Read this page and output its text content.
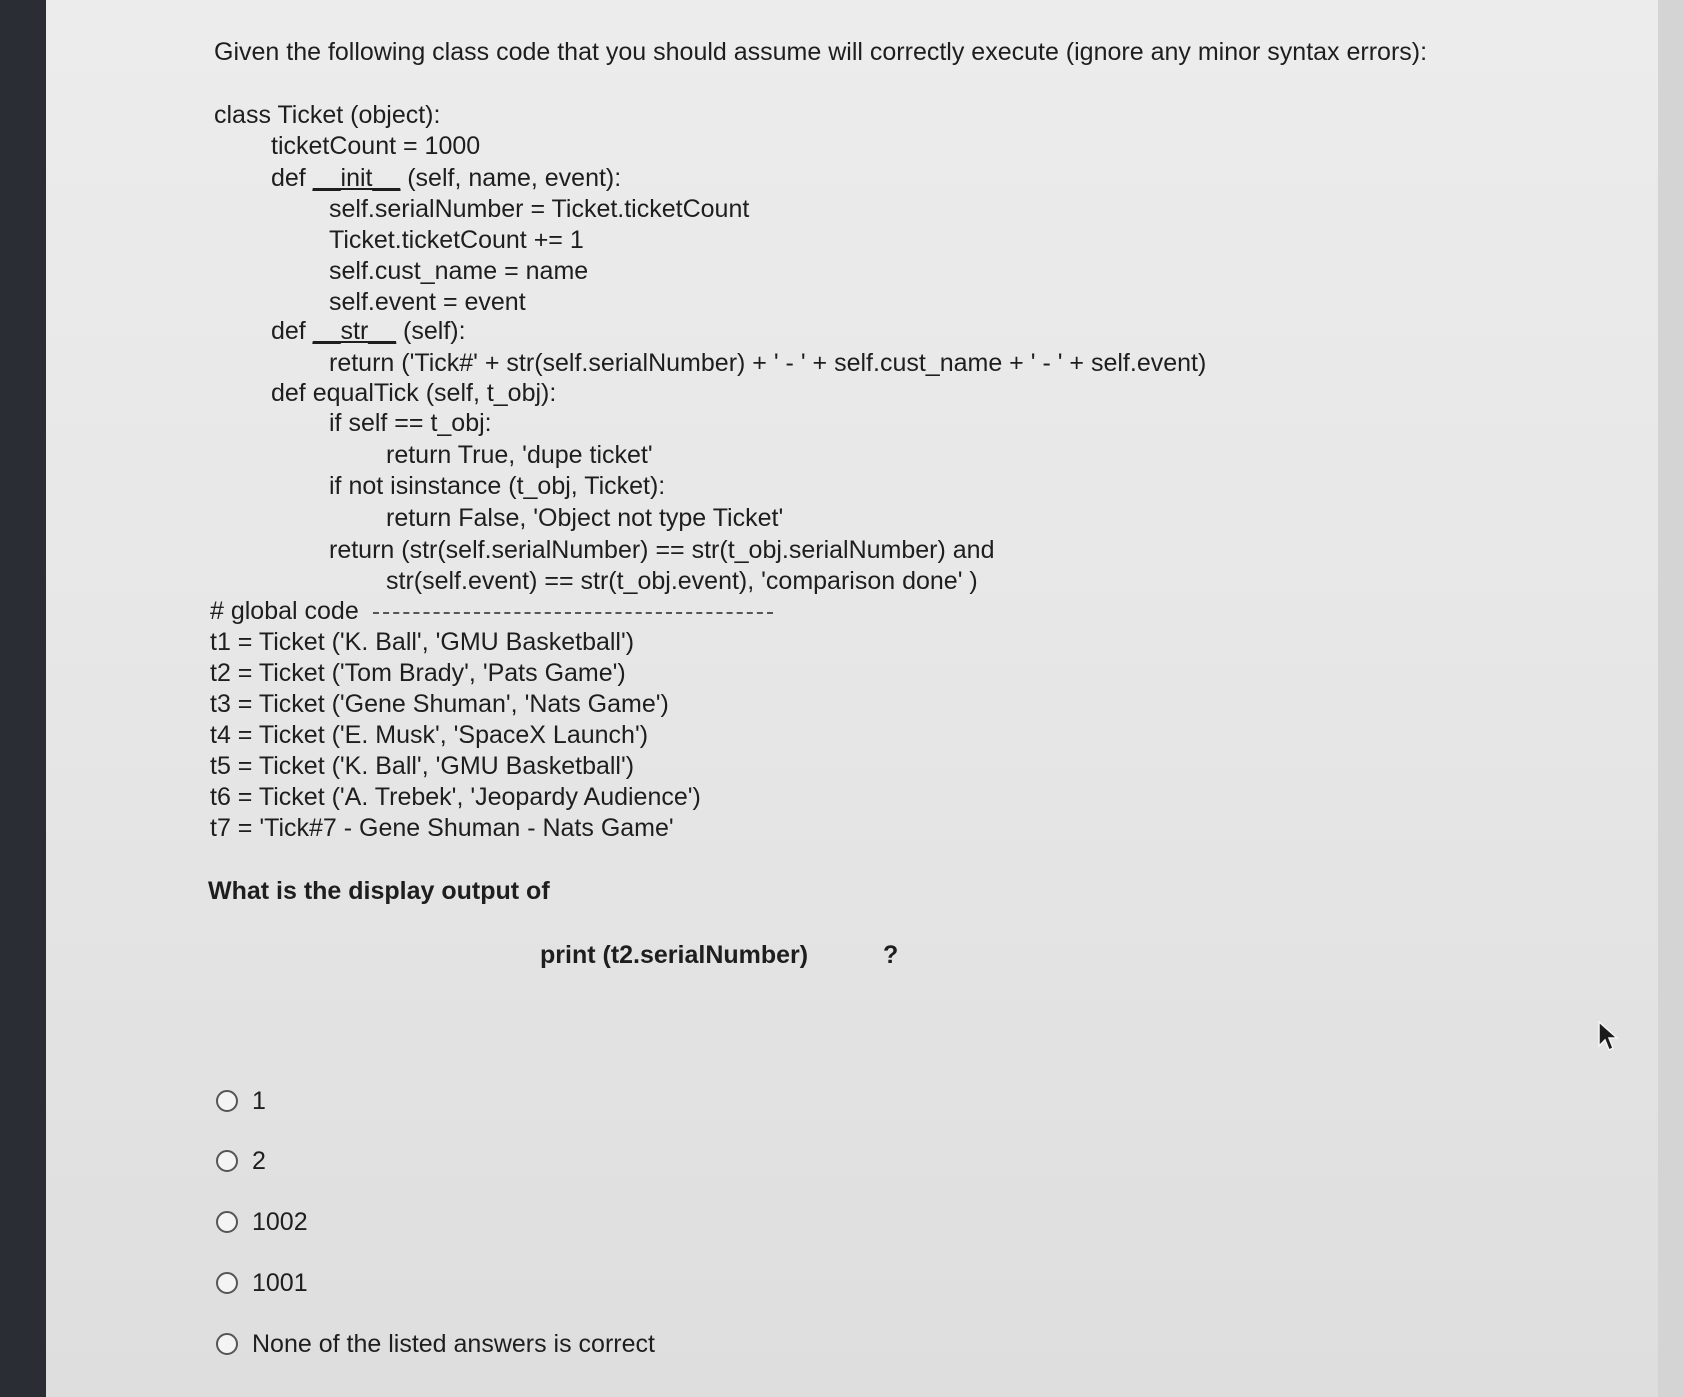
Given the following class code that you should assume will correctly execute (ignore any minor syntax errors):
class Ticket (object):
ticketCount = 1000
def __init__ (self, name, event):
self.serialNumber = Ticket.ticketCount
Ticket.ticketCount += 1
self.cust_name = name
self.event = event
def __str__ (self):
return ('Tick#' + str(self.serialNumber) + ' - ' + self.cust_name + ' - ' + self.event)
def equalTick (self, t_obj):
if self == t_obj:
return True, 'dupe ticket'
if not isinstance (t_obj, Ticket):
return False, 'Object not type Ticket'
return (str(self.serialNumber) == str(t_obj.serialNumber) and
str(self.event) == str(t_obj.event), 'comparison done' )
# global code
t1 = Ticket ('K. Ball', 'GMU Basketball')
t2 = Ticket ('Tom Brady', 'Pats Game')
t3 = Ticket ('Gene Shuman', 'Nats Game')
t4 = Ticket ('E. Musk', 'SpaceX Launch')
t5 = Ticket ('K. Ball', 'GMU Basketball')
t6 = Ticket ('A. Trebek', 'Jeopardy Audience')
t7 = 'Tick#7 - Gene Shuman - Nats Game'
What is the display output of
print (t2.serialNumber)	?
1
2
1002
1001
None of the listed answers is correct
